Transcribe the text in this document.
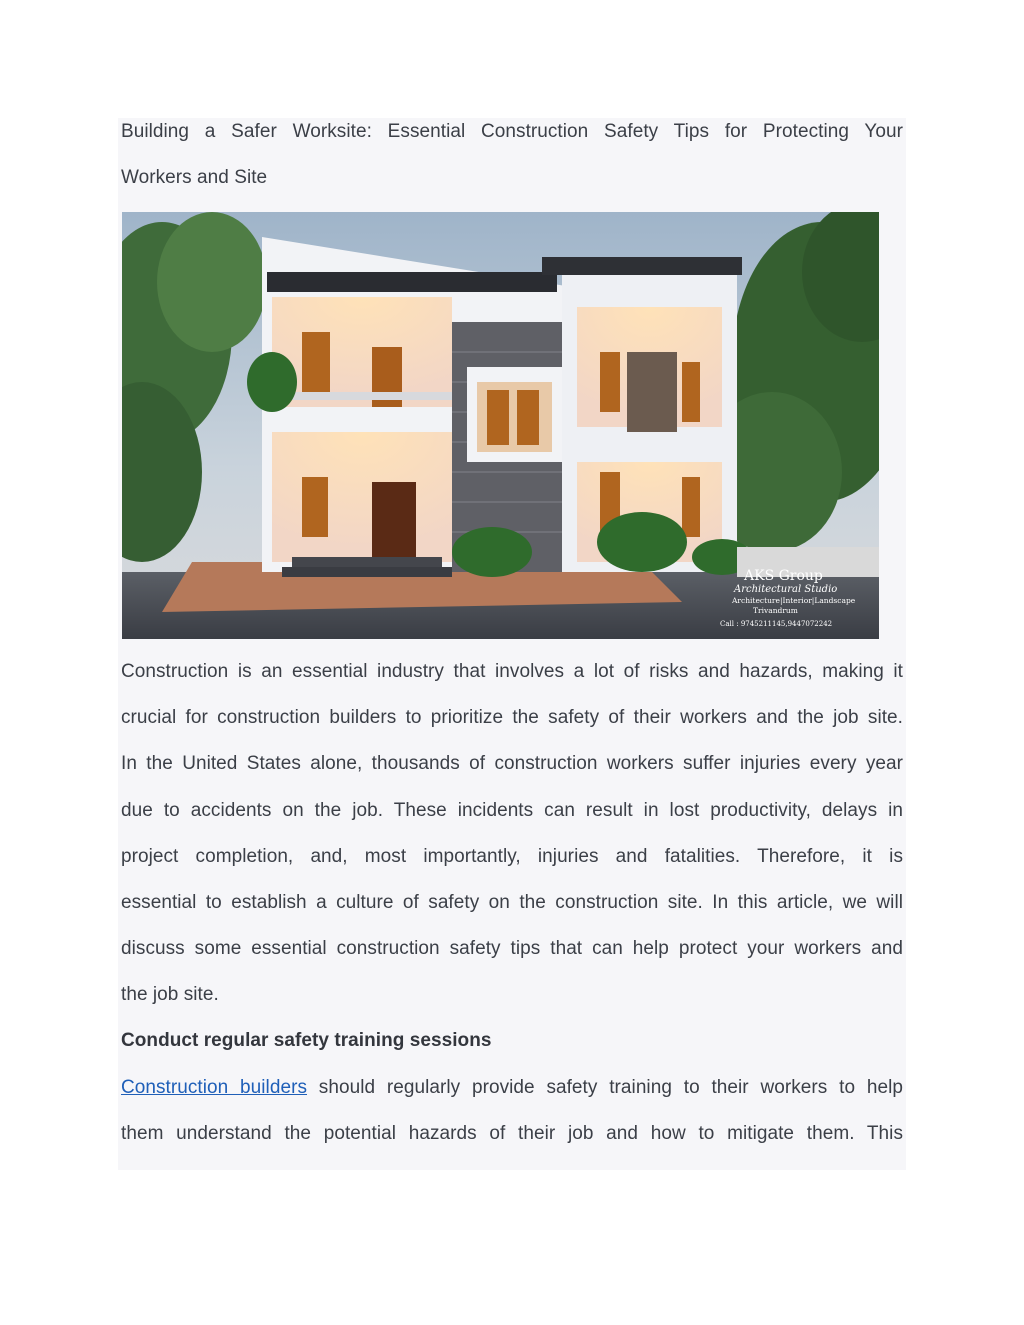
Building a Safer Worksite: Essential Construction Safety Tips for Protecting Your
Workers and Site
AKS Group
Architectural Studio
Architecture|Interior|Landscape
Trivandrum
Call : 9745211145,9447072242
Construction is an essential industry that involves a lot of risks and hazards, making it
crucial for construction builders to prioritize the safety of their workers and the job site.
In the United States alone, thousands of construction workers suffer injuries every year
due to accidents on the job. These incidents can result in lost productivity, delays in
project completion, and, most importantly, injuries and fatalities. Therefore, it is
essential to establish a culture of safety on the construction site. In this article, we will
discuss some essential construction safety tips that can help protect your workers and
the job site.
Conduct regular safety training sessions
Construction builders should regularly provide safety training to their workers to help
them understand the potential hazards of their job and how to mitigate them. This
